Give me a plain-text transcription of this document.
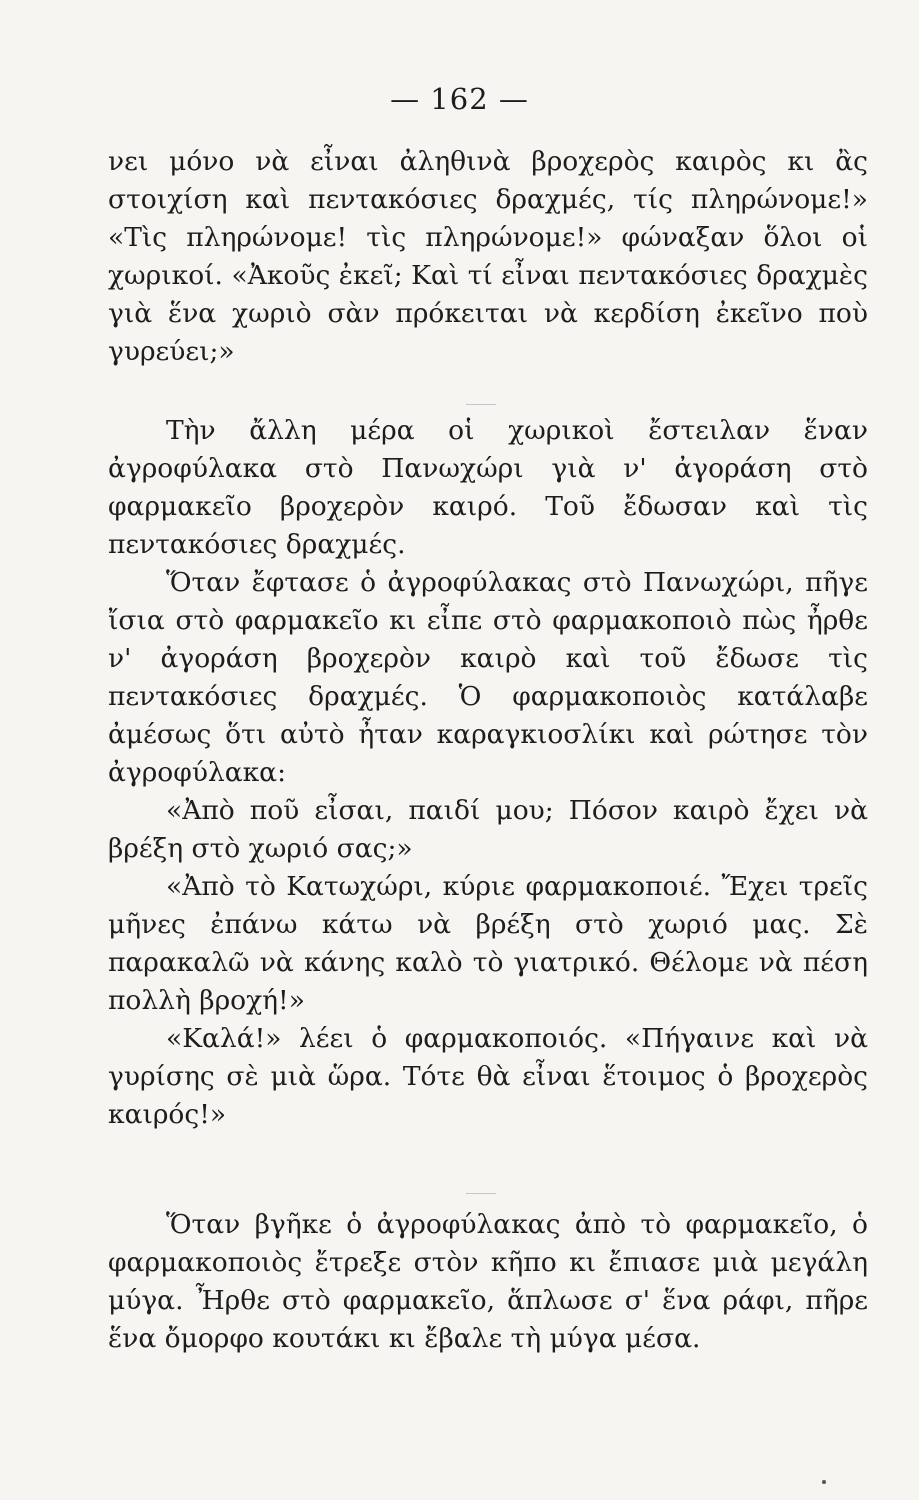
— 162 —

νει μόνο νὰ εἶναι ἀληθινὰ βροχερὸς καιρὸς κι ἂς στοιχίση καὶ πεντακόσιες δραχμές, τίς πληρώνομε!» «Τὶς πληρώνομε! τὶς πληρώνομε!» φώναξαν ὅλοι οἱ χωρικοί. «Ἀκοῦς ἐκεῖ; Καὶ τί εἶναι πεντακόσιες δραχμὲς γιὰ ἕνα χωριὸ σὰν πρόκειται νὰ κερδίση ἐκεῖνο ποὺ γυρεύει;»

Τὴν ἄλλη μέρα οἱ χωρικοὶ ἔστειλαν ἕναν ἀγροφύλακα στὸ Πανωχώρι γιὰ ν' ἀγοράση στὸ φαρμακεῖο βροχερὸν καιρό. Τοῦ ἔδωσαν καὶ τὶς πεντακόσιες δραχμές.

Ὅταν ἔφτασε ὁ ἀγροφύλακας στὸ Πανωχώρι, πῆγε ἴσια στὸ φαρμακεῖο κι εἶπε στὸ φαρμακοποιὸ πὼς ἦρθε ν' ἀγοράση βροχερὸν καιρὸ καὶ τοῦ ἔδωσε τὶς πεντακόσιες δραχμές. Ὁ φαρμακοποιὸς κατάλαβε ἀμέσως ὅτι αὐτὸ ἦταν καραγκιοσλίκι καὶ ρώτησε τὸν ἀγροφύλακα:

«Ἀπὸ ποῦ εἶσαι, παιδί μου; Πόσον καιρὸ ἔχει νὰ βρέξη στὸ χωριό σας;»

«Ἀπὸ τὸ Κατωχώρι, κύριε φαρμακοποιέ. Ἔχει τρεῖς μῆνες ἐπάνω κάτω νὰ βρέξη στὸ χωριό μας. Σὲ παρακαλῶ νὰ κάνης καλὸ τὸ γιατρικό. Θέλομε νὰ πέση πολλὴ βροχή!»

«Καλά!» λέει ὁ φαρμακοποιός. «Πήγαινε καὶ νὰ γυρίσης σὲ μιὰ ὥρα. Τότε θὰ εἶναι ἕτοιμος ὁ βροχερὸς καιρός!»

Ὅταν βγῆκε ὁ ἀγροφύλακας ἀπὸ τὸ φαρμακεῖο, ὁ φαρμακοποιὸς ἔτρεξε στὸν κῆπο κι ἔπιασε μιὰ μεγάλη μύγα. Ἦρθε στὸ φαρμακεῖο, ἅπλωσε σ' ἕνα ράφι, πῆρε ἕνα ὄμορφο κουτάκι κι ἔβαλε τὴ μύγα μέσα.
